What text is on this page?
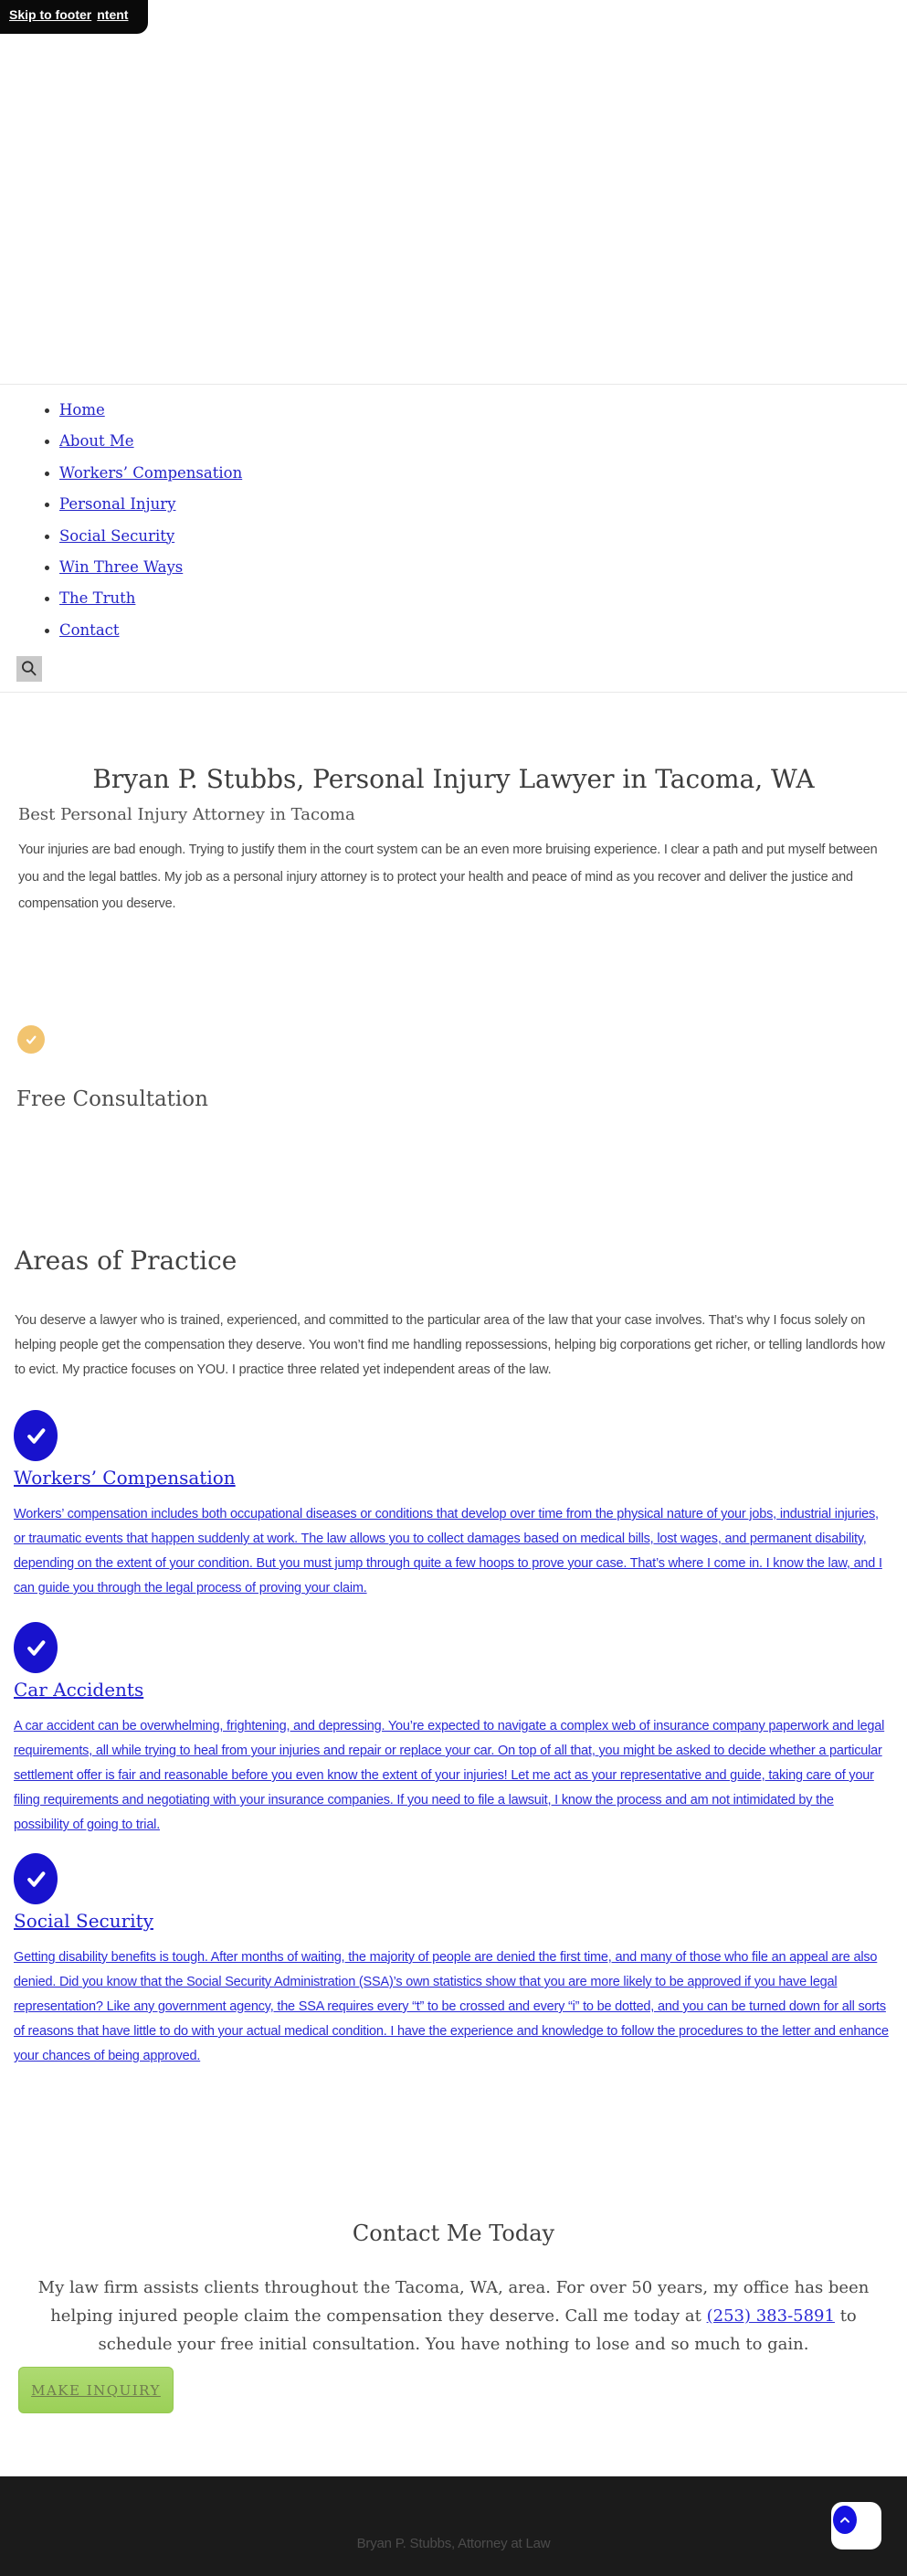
Skip to footer ntent
• Home
• About Me
• Workers’ Compensation
• Personal Injury
• Social Security
• Win Three Ways
• The Truth
• Contact
Bryan P. Stubbs, Personal Injury Lawyer in Tacoma, WA
Best Personal Injury Attorney in Tacoma

Your injuries are bad enough. Trying to justify them in the court system can be an even more bruising experience. I clear a path and put myself between you and the legal battles. My job as a personal injury attorney is to protect your health and peace of mind as you recover and deliver the justice and compensation you deserve.

Free Consultation
Areas of Practice

You deserve a lawyer who is trained, experienced, and committed to the particular area of the law that your case involves. That’s why I focus solely on helping people get the compensation they deserve. You won’t find me handling repossessions, helping big corporations get richer, or telling landlords how to evict. My practice focuses on YOU. I practice three related yet independent areas of the law.

Workers’ Compensation

Workers’ compensation includes both occupational diseases or conditions that develop over time from the physical nature of your jobs, industrial injuries, or traumatic events that happen suddenly at work. The law allows you to collect damages based on medical bills, lost wages, and permanent disability, depending on the extent of your condition. But you must jump through quite a few hoops to prove your case. That’s where I come in. I know the law, and I can guide you through the legal process of proving your claim.

Car Accidents

A car accident can be overwhelming, frightening, and depressing. You’re expected to navigate a complex web of insurance company paperwork and legal requirements, all while trying to heal from your injuries and repair or replace your car. On top of all that, you might be asked to decide whether a particular settlement offer is fair and reasonable before you even know the extent of your injuries! Let me act as your representative and guide, taking care of your filing requirements and negotiating with your insurance companies. If you need to file a lawsuit, I know the process and am not intimidated by the possibility of going to trial.

Social Security

Getting disability benefits is tough. After months of waiting, the majority of people are denied the first time, and many of those who file an appeal are also denied. Did you know that the Social Security Administration (SSA)’s own statistics show that you are more likely to be approved if you have legal representation? Like any government agency, the SSA requires every “t” to be crossed and every “i” to be dotted, and you can be turned down for all sorts of reasons that have little to do with your actual medical condition. I have the experience and knowledge to follow the procedures to the letter and enhance your chances of being approved.

Contact Me Today

My law firm assists clients throughout the Tacoma, WA, area. For over 50 years, my office has been helping injured people claim the compensation they deserve. Call me today at (253) 383-5891 to schedule your free initial consultation. You have nothing to lose and so much to gain.

MAKE INQUIRY

Bryan P. Stubbs, Attorney at Law
